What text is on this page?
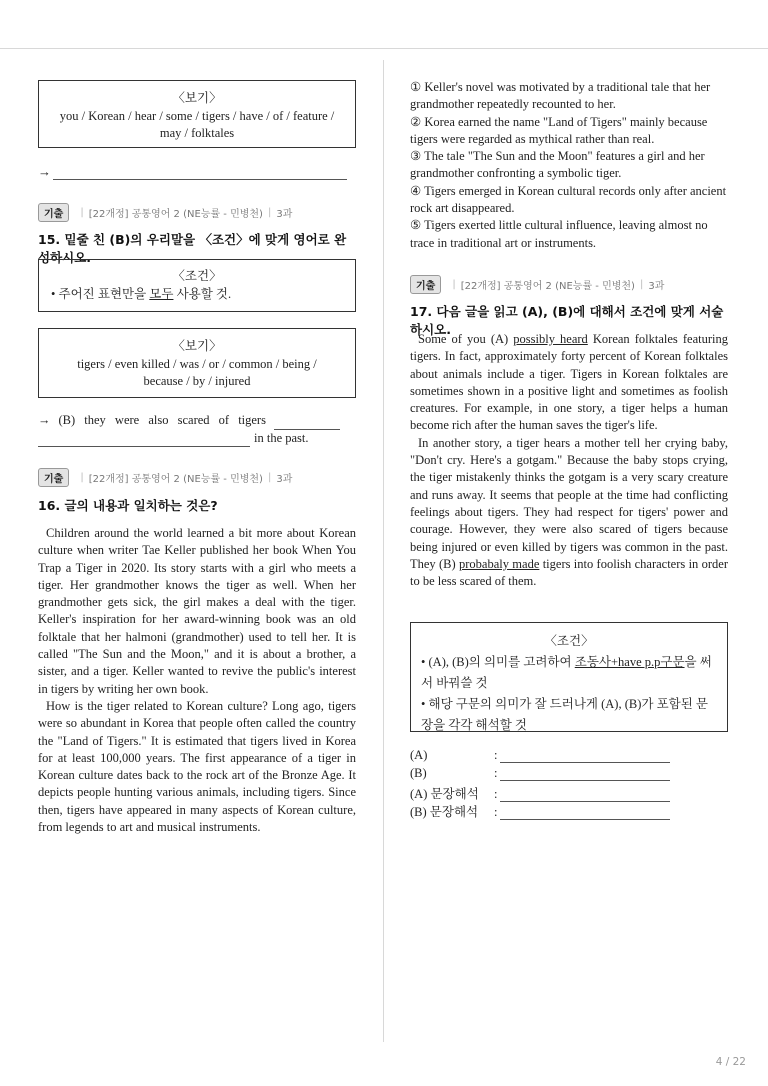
〈보기〉
you / Korean / hear / some / tigers / have / of / feature /
may / folktales
→
기출	| [22개정] 공통영어 2 (NE능률 - 민병천) | 3과
15. 밑줄 친 (B)의 우리말을 〈조건〉에 맞게 영어로 완성하시오.
〈조건〉
• 주어진 표현만을 모두 사용할 것.
〈보기〉
tigers / even killed / was / or / common / being /
because / by / injured
→ (B) they were also scared of tigers
in the past.
기출	| [22개정] 공통영어 2 (NE능률 - 민병천) | 3과
16. 글의 내용과 일치하는 것은?

Children around the world learned a bit more about Korean culture when writer Tae Keller published her book When You Trap a Tiger in 2020. Its story starts with a girl who meets a tiger. Her grandmother knows the tiger as well. When her grandmother gets sick, the girl makes a deal with the tiger. Keller's inspiration for her award-winning book was an old folktale that her halmoni (grandmother) used to tell her. It is called "The Sun and the Moon," and it is about a brother, a sister, and a tiger. Keller wanted to revive the public's interest in tigers by writing her own book.

How is the tiger related to Korean culture? Long ago, tigers were so abundant in Korea that people often called the country the "Land of Tigers." It is estimated that tigers lived in Korea for at least 100,000 years. The first appearance of a tiger in Korean culture dates back to the rock art of the Bronze Age. It depicts people hunting various animals, including tigers. Since then, tigers have appeared in many aspects of Korean culture, from legends to art and musical instruments.

① Keller's novel was motivated by a traditional tale that her grandmother repeatedly recounted to her.
② Korea earned the name "Land of Tigers" mainly because tigers were regarded as mythical rather than real.
③ The tale "The Sun and the Moon" features a girl and her grandmother confronting a symbolic tiger.
④ Tigers emerged in Korean cultural records only after ancient rock art disappeared.
⑤ Tigers exerted little cultural influence, leaving almost no trace in traditional art or instruments.
기출	| [22개정] 공통영어 2 (NE능률 - 민병천) | 3과
17. 다음 글을 읽고 (A), (B)에 대해서 조건에 맞게 서술하시오.

Some of you (A) possibly heard Korean folktales featuring tigers. In fact, approximately forty percent of Korean folktales about animals include a tiger. Tigers in Korean folktales are sometimes shown in a positive light and sometimes as foolish creatures. For example, in one story, a tiger helps a human become rich after the human saves the tiger's life.

In another story, a tiger hears a mother tell her crying baby, "Don't cry. Here's a gotgam." Because the baby stops crying, the tiger mistakenly thinks the gotgam is a very scary creature and runs away. It seems that people at the time had conflicting feelings about tigers. They had respect for tigers' power and courage. However, they were also scared of tigers because being injured or even killed by tigers was common in the past. They (B) probabaly made tigers into foolish characters in order to be less scared of them.

〈조건〉
• (A), (B)의 의미를 고려하여 조동사+have p.p구문을 써서 바꿔쓸 것
• 해당 구문의 의미가 잘 드러나게 (A), (B)가 포함된 문장을 각각 해석할 것
(A)	:
(B)	:
(A) 문장해석	:
(B) 문장해석	:
4 / 22
